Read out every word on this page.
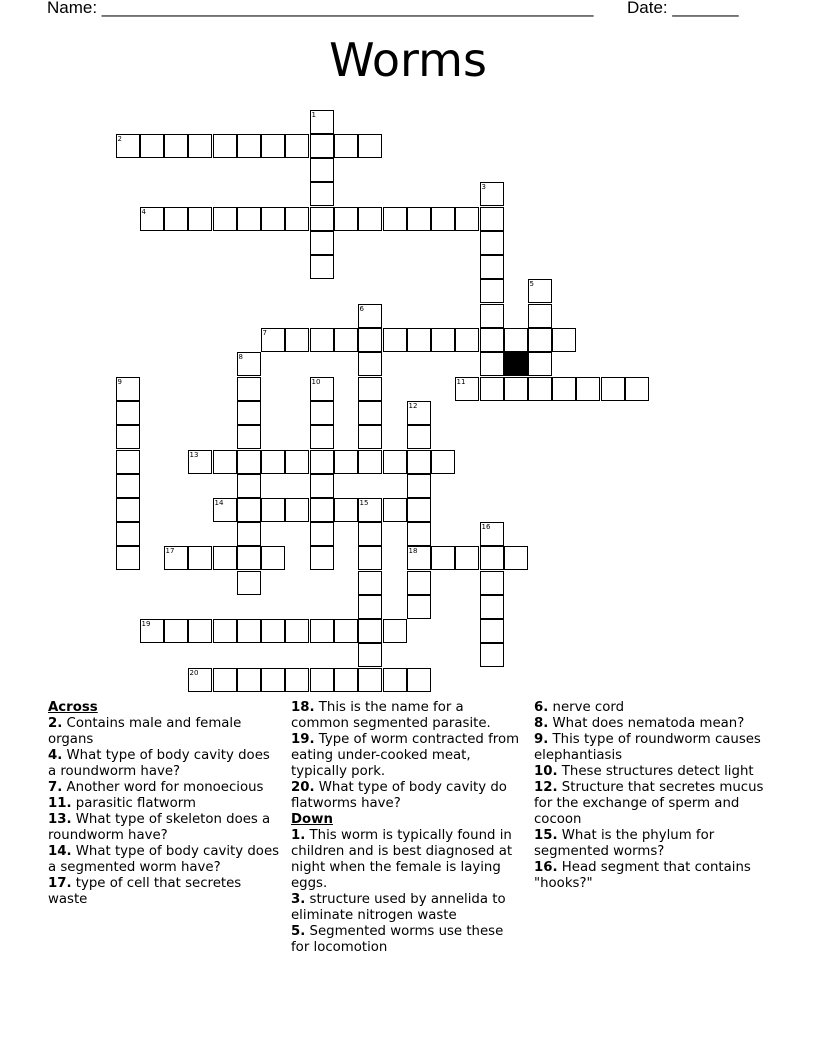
Name: ____________________________________________________ Date: _______
Worms
2
1
4
3
5
7
6
8
9	10	11
12
18
13
14	15
17
16
19
20
Across
2. Contains male and female organs
4. What type of body cavity does a roundworm have?
7. Another word for monoecious
11. parasitic flatworm
13. What type of skeleton does a roundworm have?
14. What type of body cavity does a segmented worm have?
17. type of cell that secretes waste
18. This is the name for a common segmented parasite.
19. Type of worm contracted from eating under-cooked meat, typically pork.
20. What type of body cavity do flatworms have?
Down
1. This worm is typically found in children and is best diagnosed at night when the female is laying eggs.
3. structure used by annelida to eliminate nitrogen waste
5. Segmented worms use these for locomotion
6. nerve cord
8. What does nematoda mean?
9. This type of roundworm causes elephantiasis
10. These structures detect light
12. Structure that secretes mucus for the exchange of sperm and cocoon
15. What is the phylum for segmented worms?
16. Head segment that contains "hooks?"
